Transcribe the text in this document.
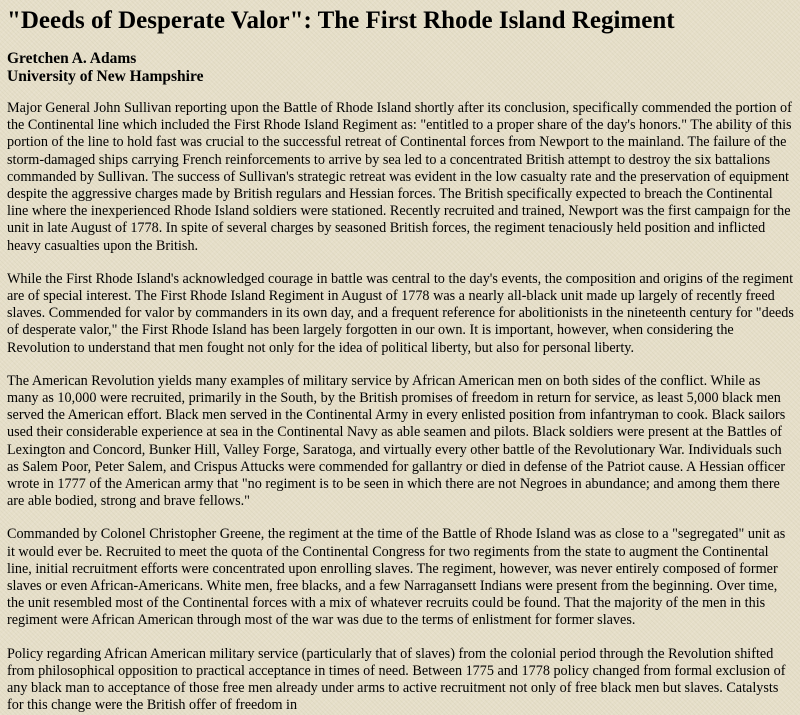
"Deeds of Desperate Valor": The First Rhode Island Regiment
Gretchen A. Adams
University of New Hampshire

Major General John Sullivan reporting upon the Battle of Rhode Island shortly after its conclusion, specifically commended the portion of the Continental line which included the First Rhode Island Regiment as: "entitled to a proper share of the day's honors." The ability of this portion of the line to hold fast was crucial to the successful retreat of Continental forces from Newport to the mainland. The failure of the storm-damaged ships carrying French reinforcements to arrive by sea led to a concentrated British attempt to destroy the six battalions commanded by Sullivan. The success of Sullivan's strategic retreat was evident in the low casualty rate and the preservation of equipment despite the aggressive charges made by British regulars and Hessian forces. The British specifically expected to breach the Continental line where the inexperienced Rhode Island soldiers were stationed. Recently recruited and trained, Newport was the first campaign for the unit in late August of 1778. In spite of several charges by seasoned British forces, the regiment tenaciously held position and inflicted heavy casualties upon the British.

While the First Rhode Island's acknowledged courage in battle was central to the day's events, the composition and origins of the regiment are of special interest. The First Rhode Island Regiment in August of 1778 was a nearly all-black unit made up largely of recently freed slaves. Commended for valor by commanders in its own day, and a frequent reference for abolitionists in the nineteenth century for "deeds of desperate valor," the First Rhode Island has been largely forgotten in our own. It is important, however, when considering the Revolution to understand that men fought not only for the idea of political liberty, but also for personal liberty.

The American Revolution yields many examples of military service by African American men on both sides of the conflict. While as many as 10,000 were recruited, primarily in the South, by the British promises of freedom in return for service, as least 5,000 black men served the American effort. Black men served in the Continental Army in every enlisted position from infantryman to cook. Black sailors used their considerable experience at sea in the Continental Navy as able seamen and pilots. Black soldiers were present at the Battles of Lexington and Concord, Bunker Hill, Valley Forge, Saratoga, and virtually every other battle of the Revolutionary War. Individuals such as Salem Poor, Peter Salem, and Crispus Attucks were commended for gallantry or died in defense of the Patriot cause. A Hessian officer wrote in 1777 of the American army that "no regiment is to be seen in which there are not Negroes in abundance; and among them there are able bodied, strong and brave fellows."

Commanded by Colonel Christopher Greene, the regiment at the time of the Battle of Rhode Island was as close to a "segregated" unit as it would ever be. Recruited to meet the quota of the Continental Congress for two regiments from the state to augment the Continental line, initial recruitment efforts were concentrated upon enrolling slaves. The regiment, however, was never entirely composed of former slaves or even African-Americans. White men, free blacks, and a few Narragansett Indians were present from the beginning. Over time, the unit resembled most of the Continental forces with a mix of whatever recruits could be found. That the majority of the men in this regiment were African American through most of the war was due to the terms of enlistment for former slaves.

Policy regarding African American military service (particularly that of slaves) from the colonial period through the Revolution shifted from philosophical opposition to practical acceptance in times of need. Between 1775 and 1778 policy changed from formal exclusion of any black man to acceptance of those free men already under arms to active recruitment not only of free black men but slaves. Catalysts for this change were the British offer of freedom in
